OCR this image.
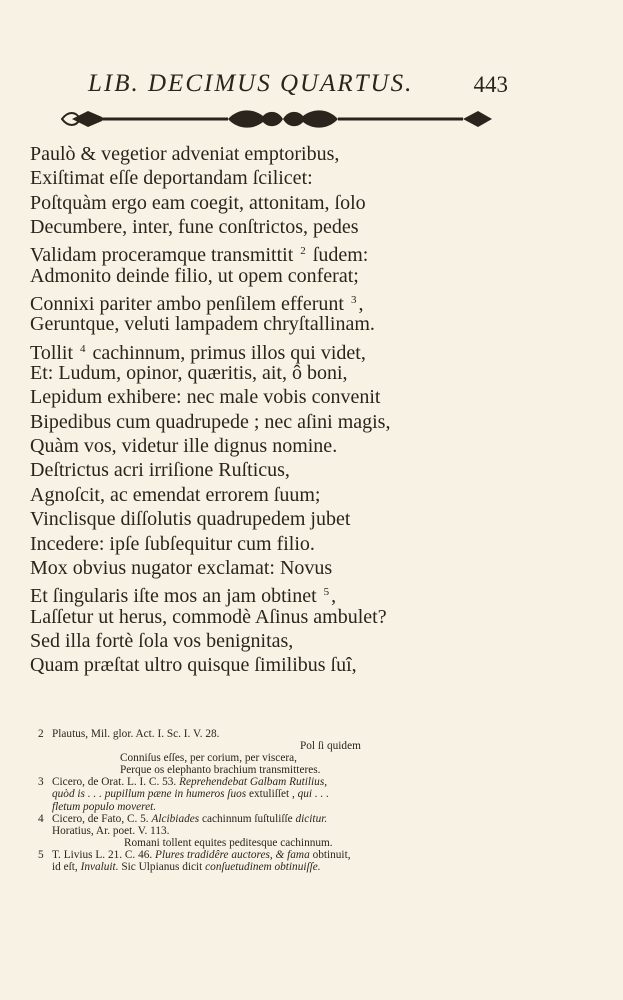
LIB. DECIMUS QUARTUS.	443
Paulò & vegetior adveniat emptoribus,
Exiſtimat eſſe deportandam ſcilicet:
Poſtquàm ergo eam coegit, attonitam, ſolo
Decumbere, inter, fune conſtrictos, pedes
Validam proceramque transmittit $^2$ ſudem:
Admonito deinde filio, ut opem conferat;
Connixi pariter ambo penſilem efferunt $^3$ ,
Geruntque, veluti lampadem chryſtallinam.
Tollit $^4$ cachinnum, primus illos qui videt,
Et: Ludum, opinor, quæritis, ait, ô boni,
Lepidum exhibere: nec male vobis convenit
Bipedibus cum quadrupede ; nec aſini magis,
Quàm vos, videtur ille dignus nomine.
Deſtrictus acri irriſione Ruſticus,
Agnoſcit, ac emendat errorem ſuum;
Vinclisque diſſolutis quadrupedem jubet
Incedere: ipſe ſubſequitur cum filio.
Mox obvius nugator exclamat: Novus
Et ſingularis iſte mos an jam obtinet $^5$ ,
Laſſetur ut herus, commodè Aſinus ambulet?
Sed illa fortè ſola vos benignitas,
Quam præſtat ultro quisque ſimilibus ſuî,
2 Plautus, Mil. glor. Act. I. Sc. I. V. 28.
Pol ſi quidem
Conniſus eſſes, per corium, per viscera,
Perque os elephanto brachium transmitteres.
3 Cicero, de Orat. L. I. C. 53. Reprehendebat Galbam Rutilius,
quòd is . . . pupillum pæne in humeros ſuos extuliſſet , qui . . .
fletum populo moveret.
4 Cicero, de Fato, C. 5. Alcibiades cachinnum ſuſtuliſſe dicitur.
Horatius, Ar. poet. V. 113.
Romani tollent equites peditesque cachinnum.
5 T. Livius L. 21. C. 46. Plures tradidêre auctores, & fama obtinuit,
id eſt, Invaluit. Sic Ulpianus dicit conſuetudinem obtinuiſſe.
